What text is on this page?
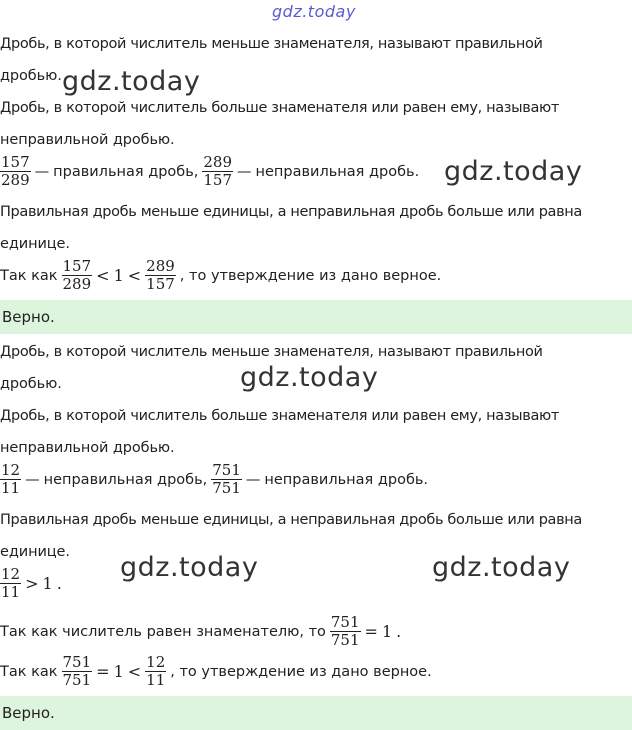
gdz.today
gdz.today
gdz.today
gdz.today
gdz.today	gdz.today
Дробь, в которой числитель меньше знаменателя, называют правильной
дробью.
Дробь, в которой числитель больше знаменателя или равен ему, называют
неправильной дробью.
$\frac{157}{289}$ — правильная дробь, $\frac{289}{157}$ — неправильная дробь.
Правильная дробь меньше единицы, а неправильная дробь больше или равна
единице.
Так как $\frac{157}{289} < 1 < \frac{289}{157}$ , то утверждение из дано верное.
Верно.
Дробь, в которой числитель меньше знаменателя, называют правильной
дробью.
Дробь, в которой числитель больше знаменателя или равен ему, называют
неправильной дробью.
$\frac{12}{11}$ — неправильная дробь, $\frac{751}{751}$ — неправильная дробь.
Правильная дробь меньше единицы, а неправильная дробь больше или равна
единице.
$\frac{12}{11} > 1$ .
Так как числитель равен знаменателю, то $\frac{751}{751} = 1$ .
Так как $\frac{751}{751} = 1 < \frac{12}{11}$ , то утверждение из дано верное.
Верно.
